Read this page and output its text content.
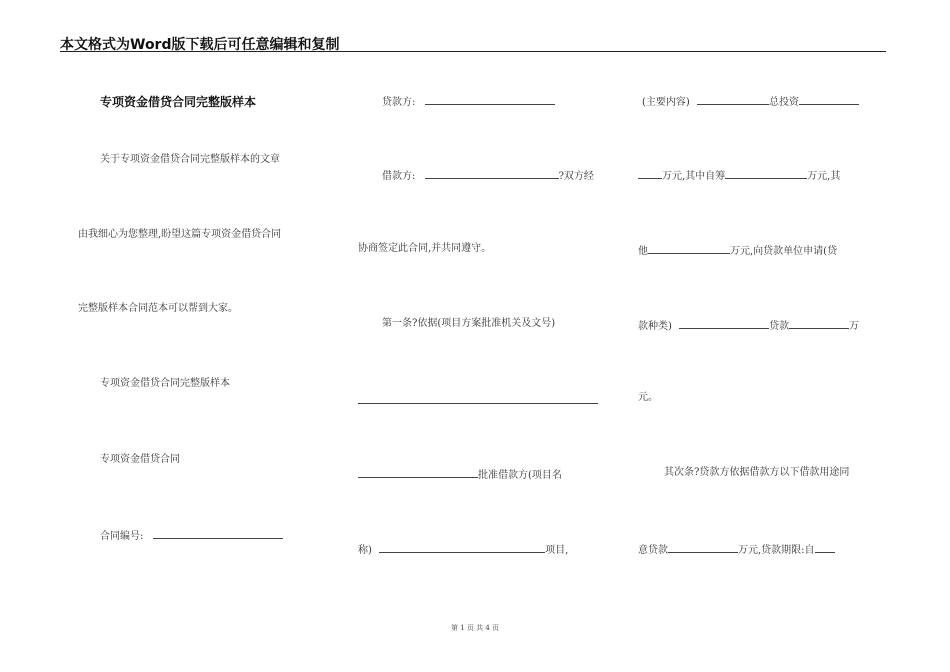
本文格式为Word版下载后可任意编辑和复制
专项资金借贷合同完整版样本
关于专项资金借贷合同完整版样本的文章
由我细心为您整理,盼望这篇专项资金借贷合同
完整版样本合同范本可以帮到大家。
专项资金借贷合同完整版样本
专项资金借贷合同
合同编号:
贷款方:
借款方:	?双方经
协商签定此合同,并共同遵守。
第一条?依据(项目方案批准机关及文号)
批准借款方(项目名
称)	项目,
(主要内容)	总投资
万元,其中自筹	万元,其
他	万元,向贷款单位申请(贷
款种类)	贷款	万
元。
其次条?贷款方依据借款方以下借款用途同
意贷款	万元,贷款期限:自
第 1 页 共 4 页
